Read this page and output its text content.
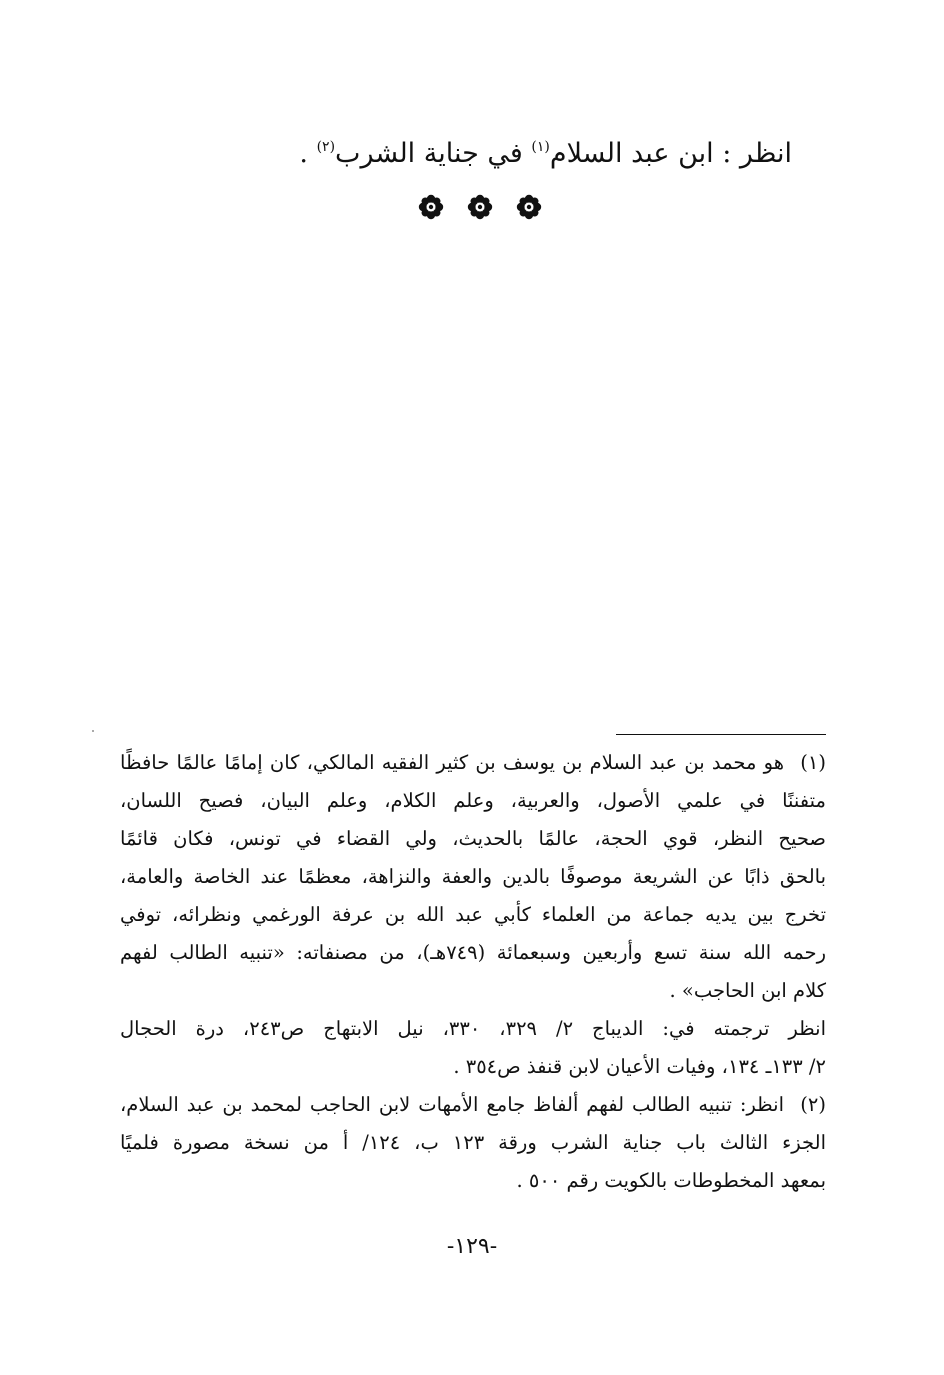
انظر : ابن عبد السلام$^{(١)}$ في جناية الشرب$^{(٢)}$ .
(١)
هو محمد بن عبد السلام بن يوسف بن كثير الفقيه المالكي، كان إمامًا عالمًا حافظًا
متفننًا في علمي الأصول، والعربية، وعلم الكلام، وعلم البيان، فصيح اللسان،
صحيح النظر، قوي الحجة، عالمًا بالحديث، ولي القضاء في تونس، فكان قائمًا
بالحق ذابًا عن الشريعة موصوفًا بالدين والعفة والنزاهة، معظمًا عند الخاصة والعامة،
تخرج بين يديه جماعة من العلماء كأبي عبد الله بن عرفة الورغمي ونظرائه، توفي
رحمه الله سنة تسع وأربعين وسبعمائة (٧٤٩هـ)، من مصنفاته: «تنبيه الطالب لفهم
كلام ابن الحاجب» .
انظر ترجمته في: الديباج ٢/ ٣٢٩، ٣٣٠، نيل الابتهاج ص٢٤٣، درة الحجال
٢/ ١٣٣ـ ١٣٤، وفيات الأعيان لابن قنفذ ص٣٥٤ .
(٢)
انظر: تنبيه الطالب لفهم ألفاظ جامع الأمهات لابن الحاجب لمحمد بن عبد السلام،
الجزء الثالث باب جناية الشرب ورقة ١٢٣ ب، ١٢٤/ أ من نسخة مصورة فلميًا
بمعهد المخطوطات بالكويت رقم ٥٠٠ .
-١٢٩-
